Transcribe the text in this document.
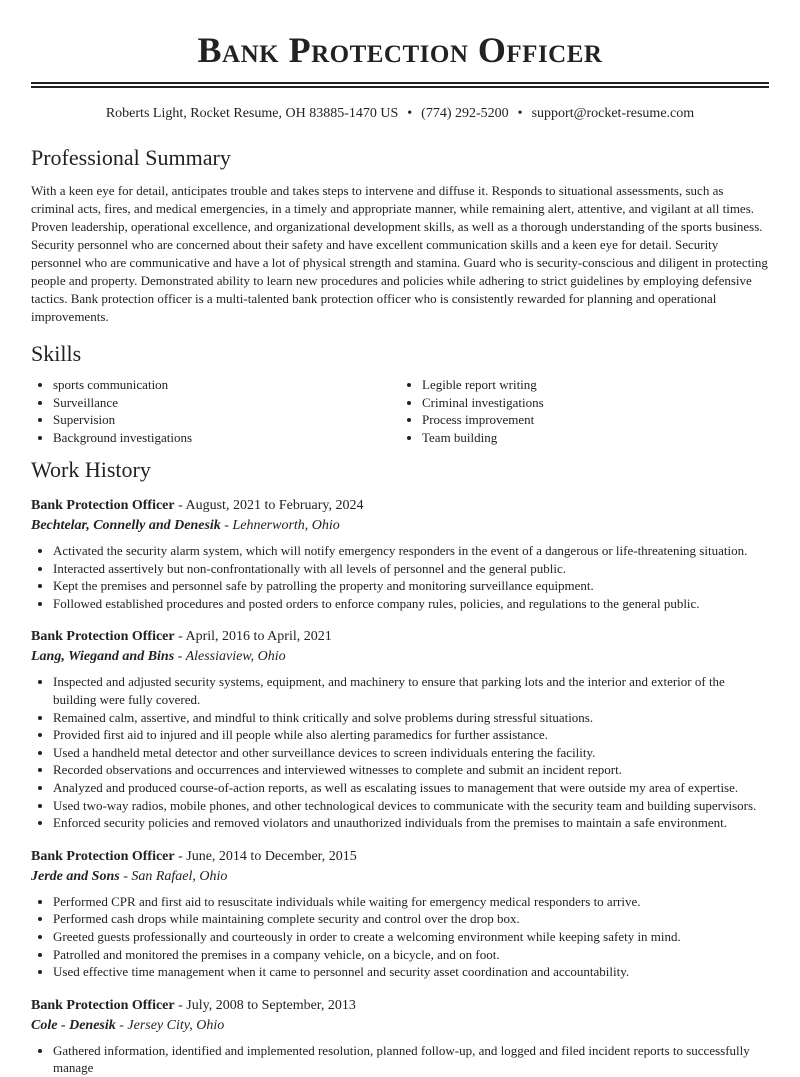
Bank Protection Officer
Roberts Light, Rocket Resume, OH 83885-1470 US • (774) 292-5200 • support@rocket-resume.com
Professional Summary

With a keen eye for detail, anticipates trouble and takes steps to intervene and diffuse it. Responds to situational assessments, such as criminal acts, fires, and medical emergencies, in a timely and appropriate manner, while remaining alert, attentive, and vigilant at all times. Proven leadership, operational excellence, and organizational development skills, as well as a thorough understanding of the sports business. Security personnel who are concerned about their safety and have excellent communication skills and a keen eye for detail. Security personnel who are communicative and have a lot of physical strength and stamina. Guard who is security-conscious and diligent in protecting people and property. Demonstrated ability to learn new procedures and policies while adhering to strict guidelines by employing defensive tactics. Bank protection officer is a multi-talented bank protection officer who is consistently rewarded for planning and operational improvements.

Skills
• sports communication
• Surveillance
• Supervision
• Background investigations
• Legible report writing
• Criminal investigations
• Process improvement
• Team building
Work History
Bank Protection Officer - August, 2021 to February, 2024
Bechtelar, Connelly and Denesik - Lehnerworth, Ohio
• Activated the security alarm system, which will notify emergency responders in the event of a dangerous or life-threatening situation.
• Interacted assertively but non-confrontationally with all levels of personnel and the general public.
• Kept the premises and personnel safe by patrolling the property and monitoring surveillance equipment.
• Followed established procedures and posted orders to enforce company rules, policies, and regulations to the general public.
Bank Protection Officer - April, 2016 to April, 2021
Lang, Wiegand and Bins - Alessiaview, Ohio
• Inspected and adjusted security systems, equipment, and machinery to ensure that parking lots and the interior and exterior of the building were fully covered.
• Remained calm, assertive, and mindful to think critically and solve problems during stressful situations.
• Provided first aid to injured and ill people while also alerting paramedics for further assistance.
• Used a handheld metal detector and other surveillance devices to screen individuals entering the facility.
• Recorded observations and occurrences and interviewed witnesses to complete and submit an incident report.
• Analyzed and produced course-of-action reports, as well as escalating issues to management that were outside my area of expertise.
• Used two-way radios, mobile phones, and other technological devices to communicate with the security team and building supervisors.
• Enforced security policies and removed violators and unauthorized individuals from the premises to maintain a safe environment.
Bank Protection Officer - June, 2014 to December, 2015
Jerde and Sons - San Rafael, Ohio
• Performed CPR and first aid to resuscitate individuals while waiting for emergency medical responders to arrive.
• Performed cash drops while maintaining complete security and control over the drop box.
• Greeted guests professionally and courteously in order to create a welcoming environment while keeping safety in mind.
• Patrolled and monitored the premises in a company vehicle, on a bicycle, and on foot.
• Used effective time management when it came to personnel and security asset coordination and accountability.
Bank Protection Officer - July, 2008 to September, 2013
Cole - Denesik - Jersey City, Ohio
• Gathered information, identified and implemented resolution, planned follow-up, and logged and filed incident reports to successfully manage
